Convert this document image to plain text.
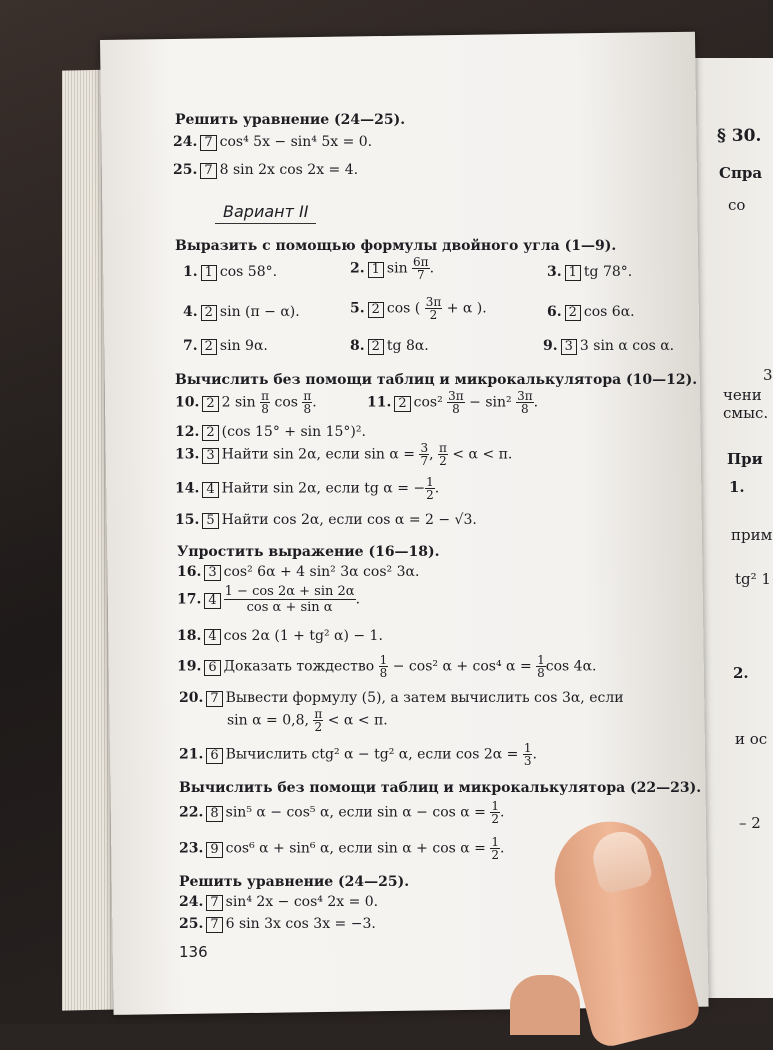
§ 30.
Спра
со
3
чени
смыс.
При
1.
прим
tg² 1
2.
и ос
– 2
Решить уравнение (24—25).
24. 7 cos⁴ 5x − sin⁴ 5x = 0.
25. 7 8 sin 2x cos 2x = 4.
Вариант II
Выразить с помощью формулы двойного угла (1—9).
1. 1 cos 58°.	2. 1 $\sin \frac{6\pi}{7}$ .	3. 1 tg 78°.
4. 2 sin (π − α).	5. 2 cos ( $\frac{3\pi}{2} + \alpha$ ).	6. 2 cos 6α.
7. 2 sin 9α.	8. 2 tg 8α.	9. 3 3 sin α cos α.
Вычислить без помощи таблиц и микрокалькулятора (10—12).
10. 2 2 $\sin \frac{\pi}{8}$ $\cos \frac{\pi}{8}$ .	11. 2 $\cos^2 \frac{3\pi}{8} - \sin^2 \frac{3\pi}{8}$ .
12. 2 (cos 15° + sin 15°)².
13. 3 Найти sin 2α, если $\sin \alpha = \frac{3}{7}$ , $\frac{\pi}{2} < \alpha < \pi$.
14. 4 Найти sin 2α, если tg α = − $\frac{1}{2}$ .
15. 5 Найти cos 2α, если cos α = 2 − √3.
Упростить выражение (16—18).
16. 3 cos² 6α + 4 sin² 3α cos² 3α.
17. $4 \frac{1 - \cos 2\alpha + \sin 2\alpha}{\text{cos α + sin α}}$ .
18. 4 cos 2α (1 + tg² α) − 1.
19. 6 Доказать тождество $\frac{1}{8} - \cos^2$ α + cos⁴ $\alpha = \frac{1}{8}$ cos 4α.
20. 7 Вывести формулу (5), а затем вычислить cos 3α, если
sin α = 0,8, $\frac{\pi}{2} < \alpha < \pi$.
21. 6 Вычислить ctg² α − tg² α, если $\cos 2\alpha = \frac{1}{3}$ .
Вычислить без помощи таблиц и микрокалькулятора (22—23).
22. 8 sin⁵ α − cos⁵ α, если $\sin \alpha - \cos \alpha = \frac{1}{2}$ .
23. 9 cos⁶ α + sin⁶ α, если $\sin \alpha + \cos \alpha = \frac{1}{2}$ .
Решить уравнение (24—25).
24. 7 sin⁴ 2x − cos⁴ 2x = 0.
25. 7 6 sin 3x cos 3x = −3.
136
